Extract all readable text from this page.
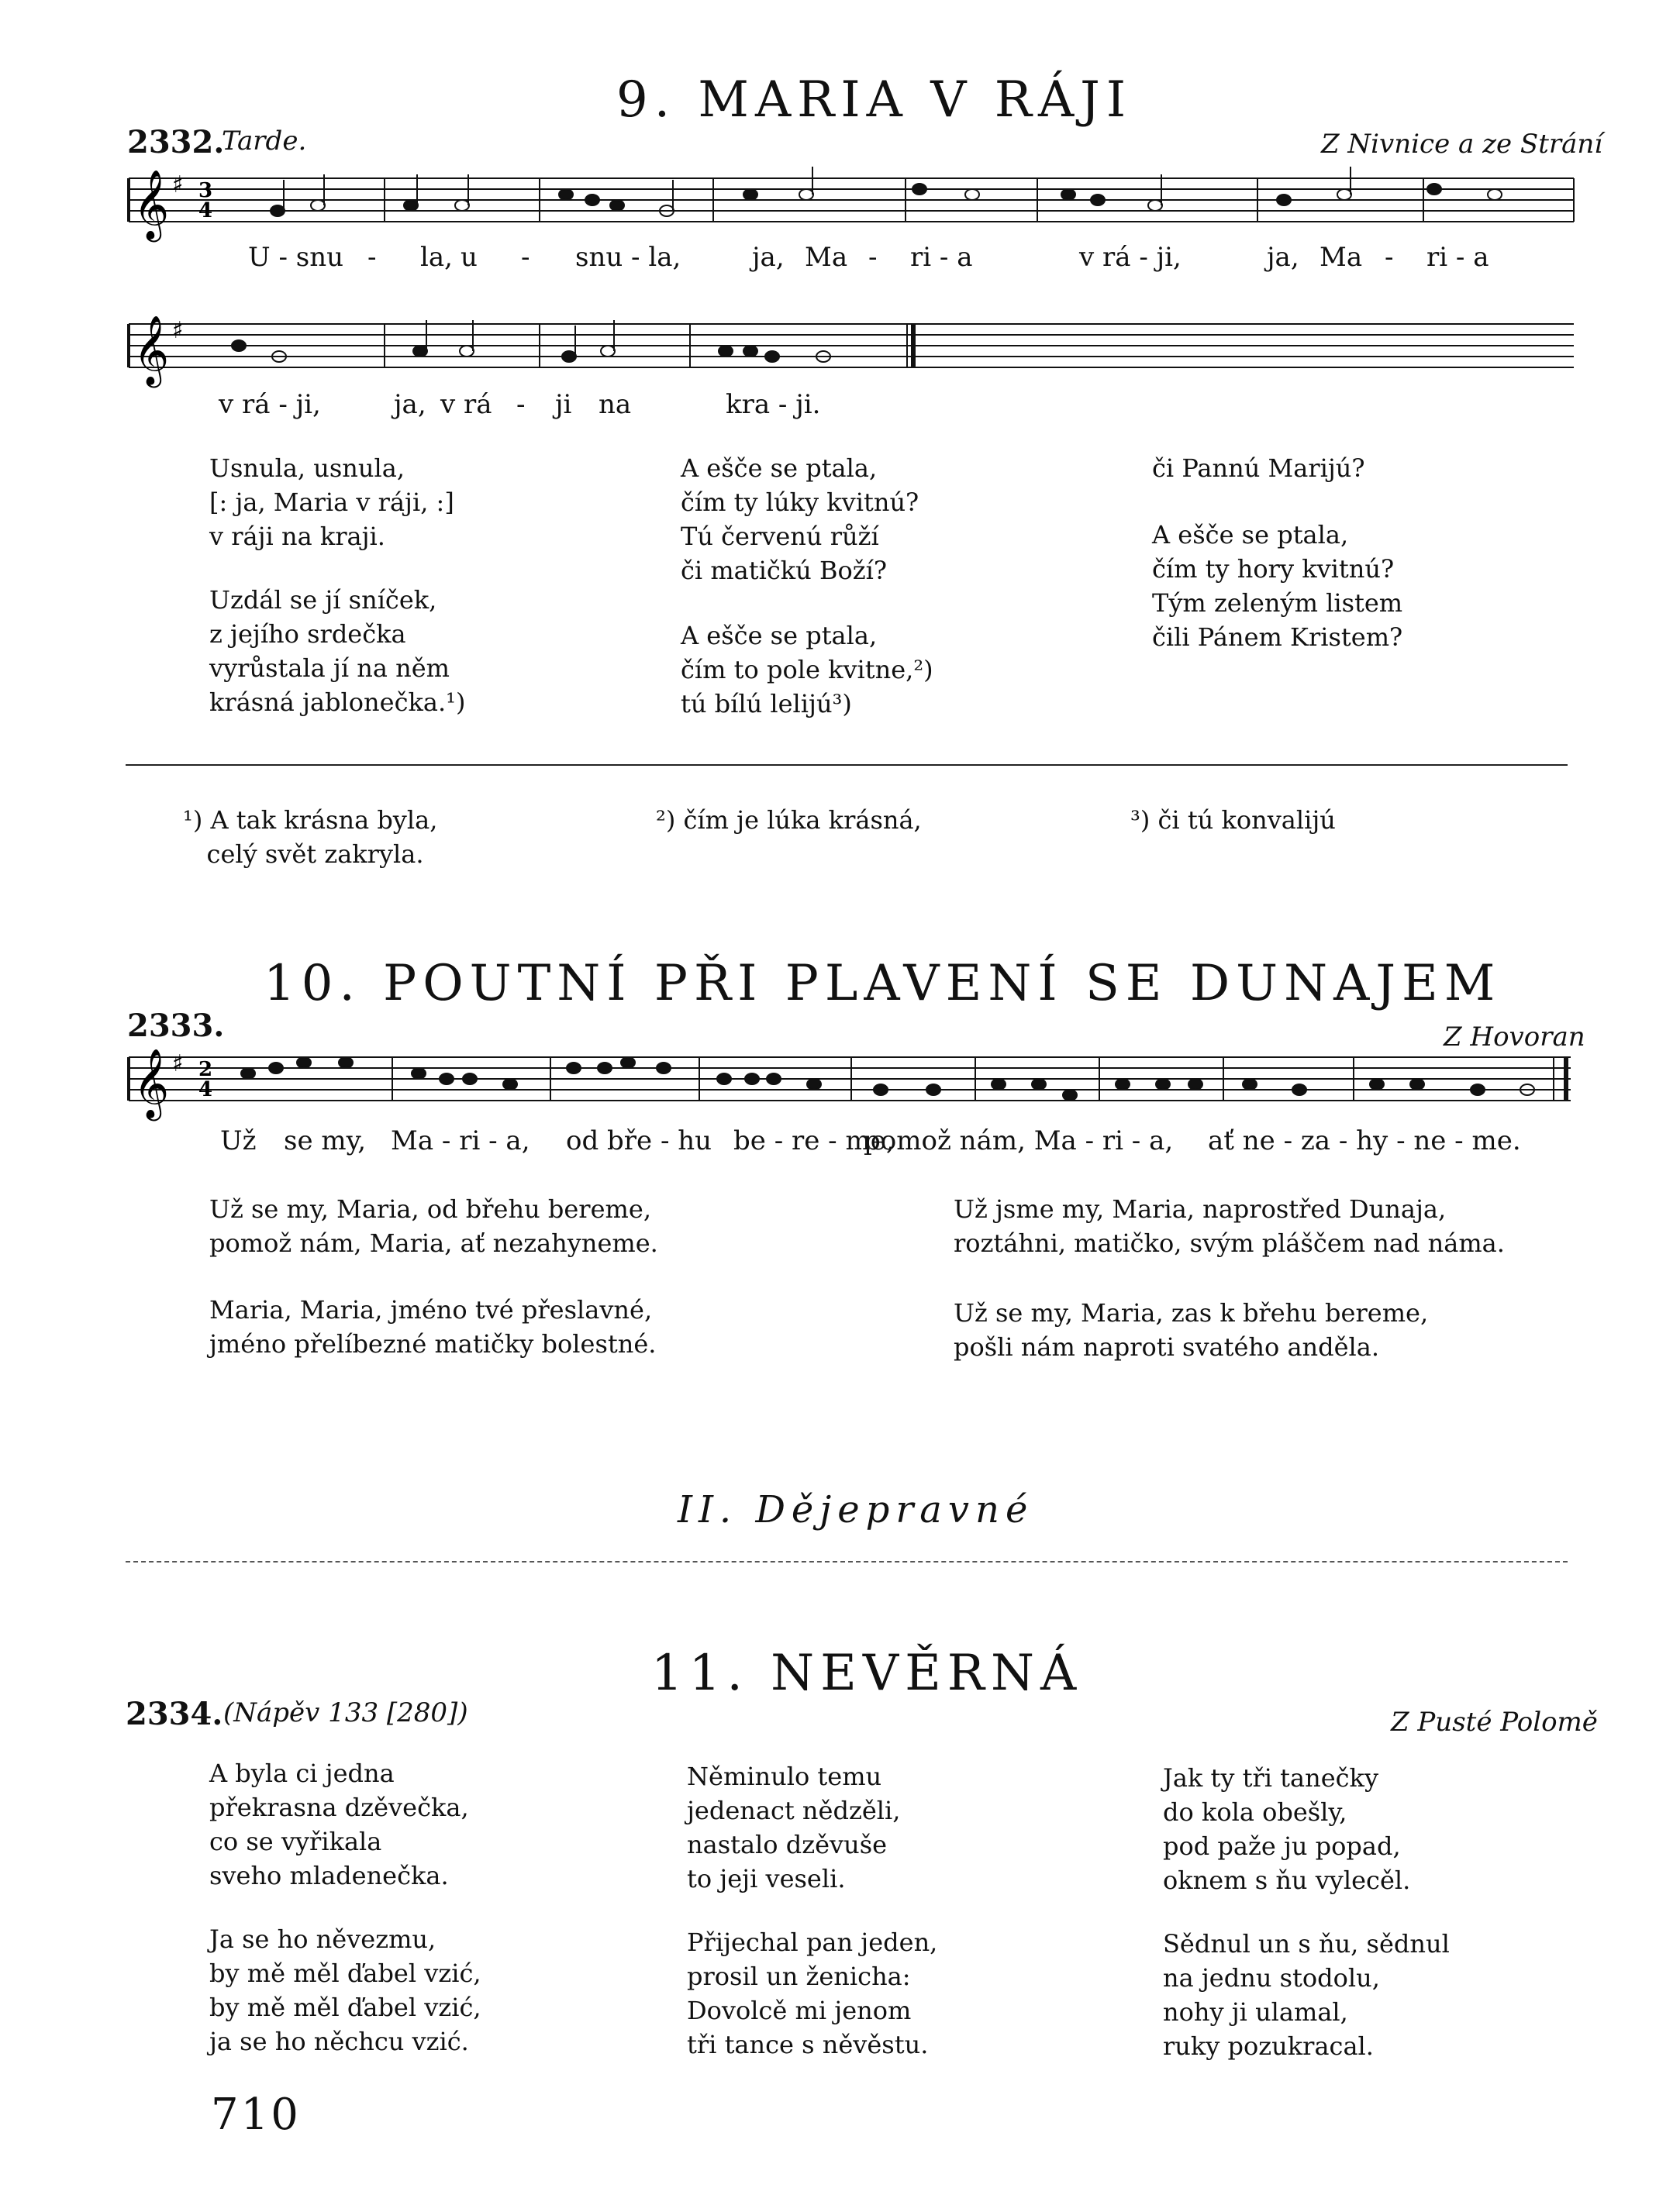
9. MARIA V RÁJI
2332.
Tarde.	Z Nivnice a ze Strání
𝄞 ♯ 3
4
U - snu - la, u - snu - la,	ja, Ma - ri - a	v rá - ji,	ja, Ma - ri - a
𝄞 ♯
v rá - ji,	ja, v rá - ji na	kra - ji.
Usnula, usnula,
[: ja, Maria v ráji, :]
v ráji na kraji.
Uzdál se jí sníček,
z jejího srdečka
vyrůstala jí na něm
krásná jablonečka.¹)
A ešče se ptala,
čím ty lúky kvitnú?
Tú červenú růží
či matičkú Boží?
A ešče se ptala,
čím to pole kvitne,²)
tú bílú leliјú³)
či Pannú Marijú?
A ešče se ptala,
čím ty hory kvitnú?
Tým zeleným listem
čili Pánem Kristem?
¹) A tak krásna byla,
celý svět zakryla.
²) čím je lúka krásná,	³) či tú konvalijú
10. POUTNÍ PŘI PLAVENÍ SE DUNAJEM
2333.	Z Hovoran
𝄞 ♯ 2
4
Už se my, Ma - ri - a, od bře - hu be - re - me,
pomož nám, Ma - ri - a, ať ne - za - hy - ne - me.
Už se my, Maria, od břehu bereme,
pomož nám, Maria, ať nezahyneme.
Maria, Maria, jméno tvé přeslavné,
jméno přelíbezné matičky bolestné.
Už jsme my, Maria, naprostřed Dunaja,
roztáhni, matičko, svým pláščem nad náma.
Už se my, Maria, zas k břehu bereme,
pošli nám naproti svatého anděla.
II. Dějepravné
11. NEVĚRNÁ
2334. (Nápěv 133 [280])	Z Pusté Polomě
A byla ci jedna
překrasna dzěvečka,
co se vyřikala
sveho mladenečka.
Ja se ho něvezmu,
by mě měl ďabel vzić,
by mě měl ďabel vzić,
ja se ho něchcu vzić.
Něminulo temu
jedenact nědzěli,
nastalo dzěvuše
to jeji veseli.
Přijechal pan jeden,
prosil un ženicha:
Dovolcě mi jenom
tři tance s něvěstu.
Jak ty tři tanečky
do kola obešly,
pod paže ju popad,
oknem s ňu vylecěl.
Sědnul un s ňu, sědnul
na jednu stodolu,
nohy ji ulamal,
ruky pozukracal.
710
